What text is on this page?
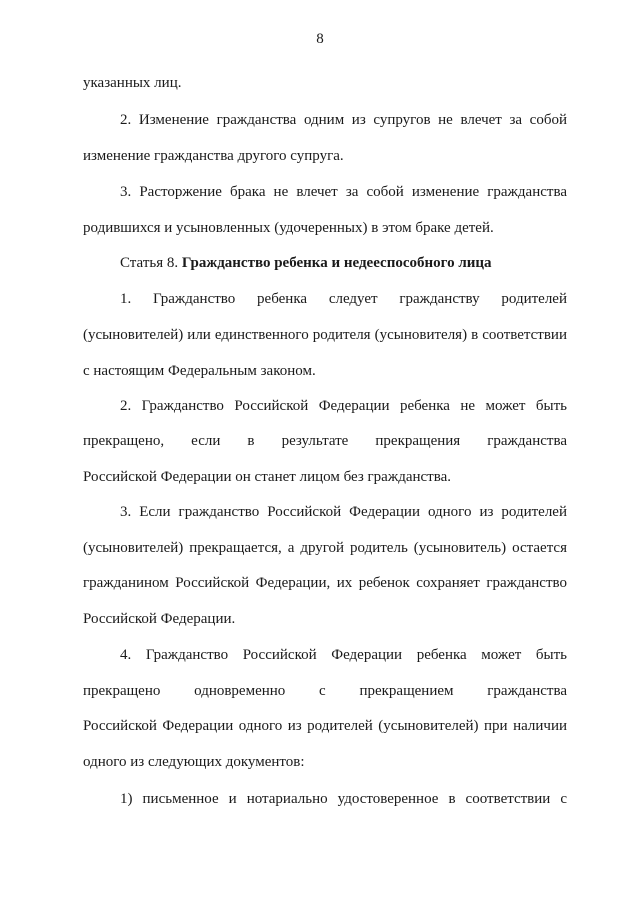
8
указанных лиц.
2. Изменение гражданства одним из супругов не влечет за собой
изменение гражданства другого супруга.
3. Расторжение брака не влечет за собой изменение гражданства
родившихся и усыновленных (удочеренных) в этом браке детей.
Статья 8. Гражданство ребенка и недееспособного лица
1. Гражданство ребенка следует гражданству родителей
(усыновителей) или единственного родителя (усыновителя) в соответствии
с настоящим Федеральным законом.
2. Гражданство Российской Федерации ребенка не может быть
прекращено, если в результате прекращения гражданства
Российской Федерации он станет лицом без гражданства.
3. Если гражданство Российской Федерации одного из родителей
(усыновителей) прекращается, а другой родитель (усыновитель) остается
гражданином Российской Федерации, их ребенок сохраняет гражданство
Российской Федерации.
4. Гражданство Российской Федерации ребенка может быть
прекращено одновременно с прекращением гражданства
Российской Федерации одного из родителей (усыновителей) при наличии
одного из следующих документов:
1) письменное и нотариально удостоверенное в соответствии с
